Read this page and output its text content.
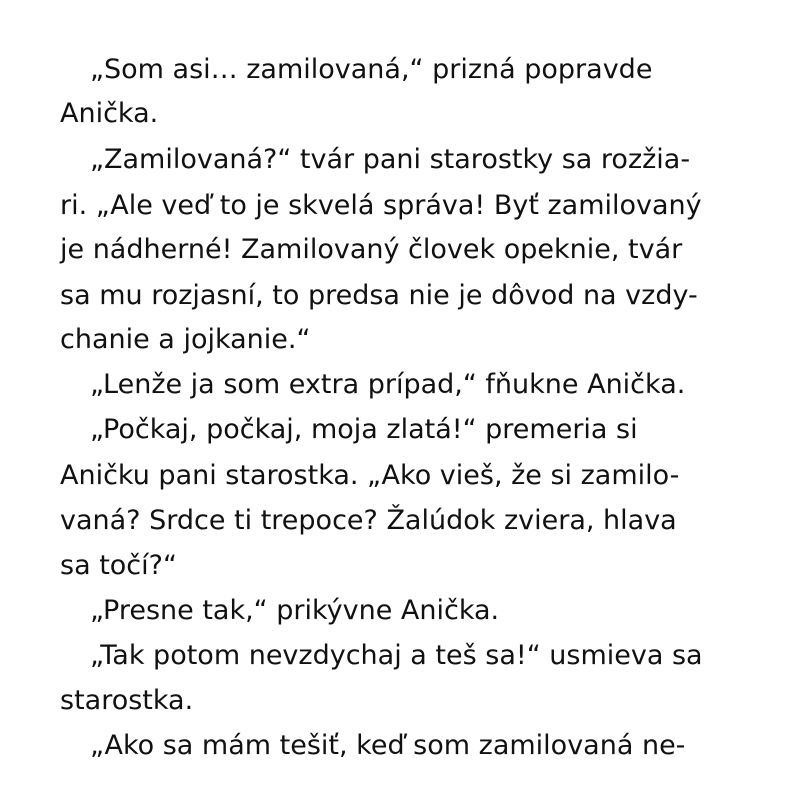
„Som asi… zamilovaná,“ prizná popravde
Anička.
„Zamilovaná?“ tvár pani starostky sa rozžia-
ri. „Ale veď to je skvelá správa! Byť zamilovaný
je nádherné! Zamilovaný človek opeknie, tvár
sa mu rozjasní, to predsa nie je dôvod na vzdy-
chanie a jojkanie.“
„Lenže ja som extra prípad,“ fňukne Anička.
„Počkaj, počkaj, moja zlatá!“ premeria si
Aničku pani starostka. „Ako vieš, že si zamilo-
vaná? Srdce ti trepoce? Žalúdok zviera, hlava
sa točí?“
„Presne tak,“ prikývne Anička.
„Tak potom nevzdychaj a teš sa!“ usmieva sa
starostka.
„Ako sa mám tešiť, keď som zamilovaná ne-
